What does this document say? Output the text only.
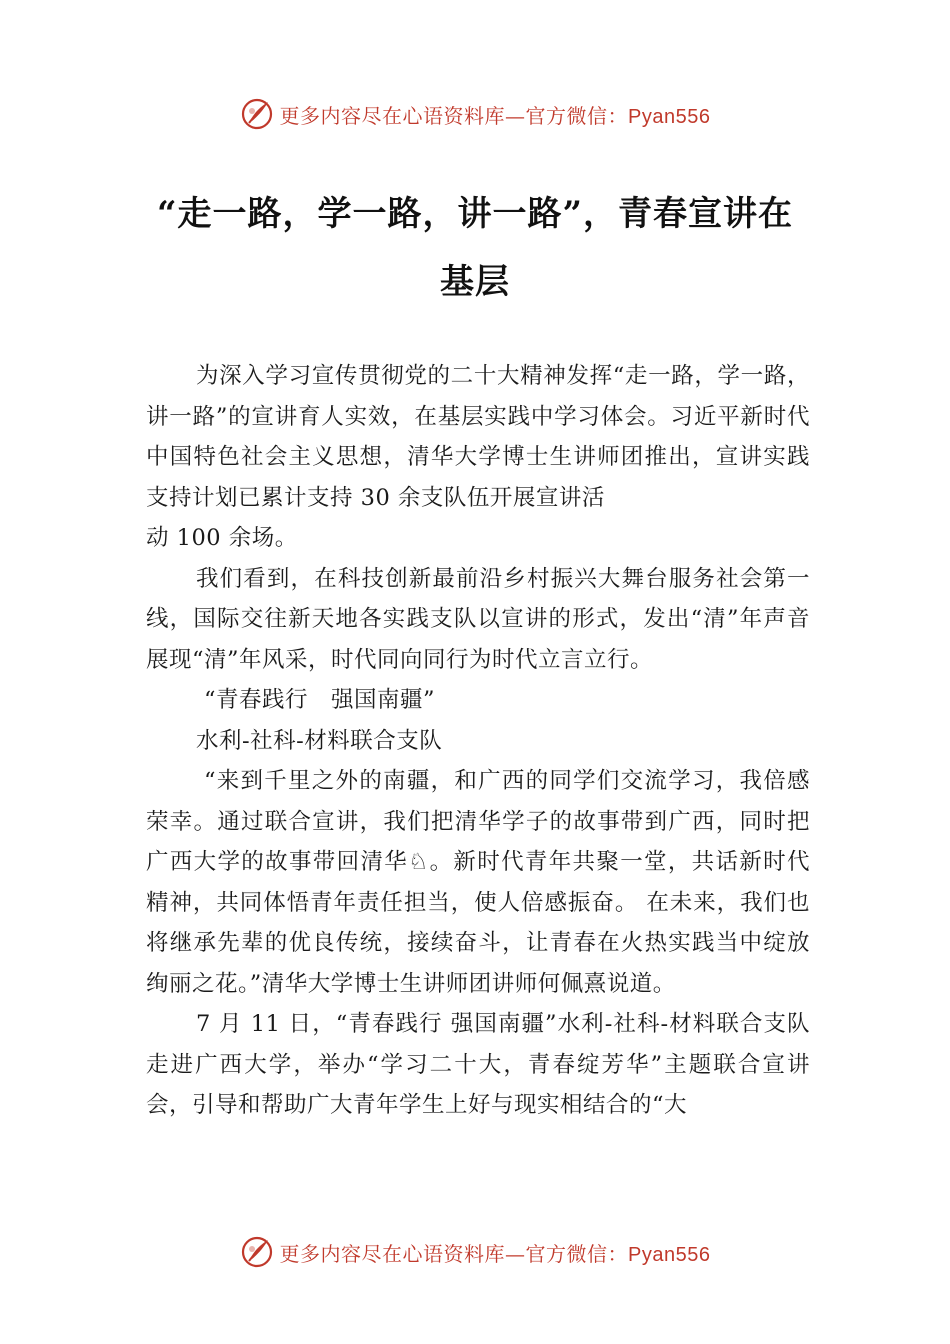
更多内容尽在心语资料库—官方微信：Pyan556
“走一路，学一路，讲一路”，青春宣讲在
基层

为深入学习宣传贯彻党的二十大精神发挥“走一路，学一路，讲一路”的宣讲育人实效，在基层实践中学习体会。习近平新时代中国特色社会主义思想，清华大学博士生讲师团推出，宣讲实践支持计划已累计支持 30 余支队伍开展宣讲活

动 100 余场。

我们看到，在科技创新最前沿乡村振兴大舞台服务社会第一线，国际交往新天地各实践支队以宣讲的形式，发出“清”年声音展现“清”年风采，时代同向同行为时代立言立行。

“青春践行　强国南疆”

水利-社科-材料联合支队

“来到千里之外的南疆，和广西的同学们交流学习，我倍感荣幸。通过联合宣讲，我们把清华学子的故事带到广西，同时把广西大学的故事带回清华♘。新时代青年共聚一堂，共话新时代精神，共同体悟青年责任担当，使人倍感振奋。 在未来，我们也将继承先辈的优良传统，接续奋斗，让青春在火热实践当中绽放绚丽之花。”清华大学博士生讲师团讲师何佩熹说道。

7 月 11 日，“青春践行 强国南疆”水利-社科-材料联合支队走进广西大学，举办“学习二十大，青春绽芳华”主题联合宣讲会，引导和帮助广大青年学生上好与现实相结合的“大

更多内容尽在心语资料库—官方微信：Pyan556
